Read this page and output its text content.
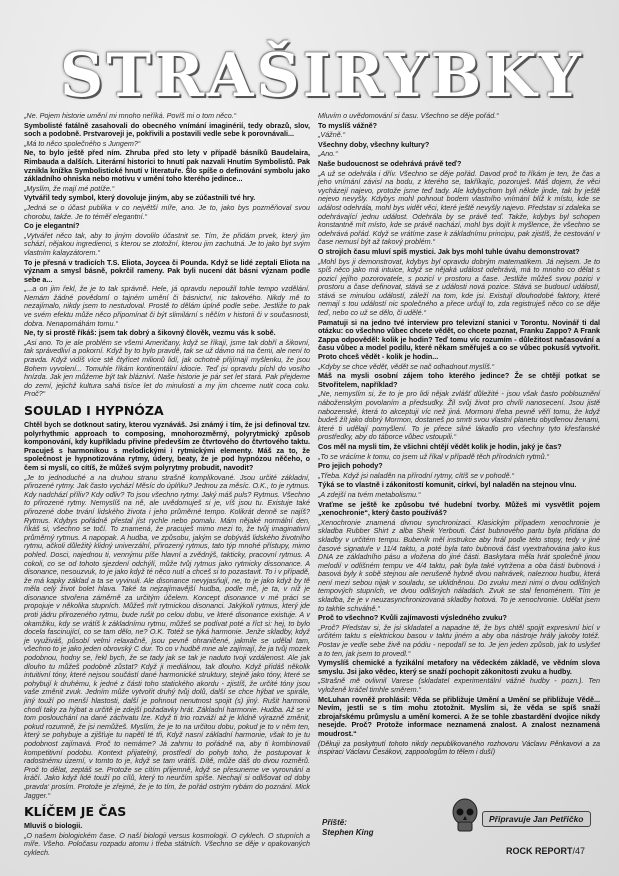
STRAŠIRYBKY
„Ne. Pojem historie umění mi mnoho neříká. Povíš mi o tom něco.“
Symbolisté fatálně zasahovali do obecného vnímání imaginérií, tedy obrazů, slov, soch a podobně. Prstvaroveji je, pokřivili a postavili vedle sebe k porovnávali...
„Má to něco společného s Jungem?“
Ne, to bylo ještě před ním. Zhruba před sto lety v případě básníků Baudelaira, Rimbauda a dalších. Literární historici to hnutí pak nazvali Hnutím Symbolistů. Pak vznikla knížka Symbolistické hnutí v literatuře. Šlo spíše o definování symbolu jako základního ohniska nebo motivu v umění toho kterého jedince...
„Myslím, že mají mé potíže.“
Vytvářil tedy symbol, který dovoluje jiným, aby se zúčastnili tvé hry.
„Jedná se o účast publika v co největší míře, ano. Je to, jako bys pozměňoval svou chorobu, takže. Je to téměř elegantní.“
Co je elegantní?
„Vytvářet něco tak, aby to jiným dovolilo účastnit se. Tím, že přidám prvek, který jim schází, nějakou ingredienci, s kterou se ztotožní, kterou jim zachutná. Je to jako byt svým vlastním kalayzátorem.“
To je přesná v tradicích T.S. Eliota, Joycea či Pounda. Když se lidé zeptali Eliota na význam a smysl básně, pokrčil rameny. Pak byli nucení dát básni význam podle sebe a...
„...a on jim řekl, že je to tak správně. Hele, já opravdu nepoužil tohle tempo vzdělání. Nemám žádné povědomí o tajném umění či básnictví, nic takového. Nikdy mě to nezajímalo, nikdy jsem to nestudoval. Prostě to dělám úplně podle sebe. Jestliže to pak ve svém efektu může něco připomínat či být slimilární s něčím v historii či v současnosti, dobra. Nenapomáhám tomu.“
Ne, ty si prostě říkáš: jsem tak dobrý a šikovný člověk, vezmu vás k sobě.
„Asi ano. To je ale problém se všemi Američany, když se říkají, jsme tak dobří a šikovní, tak správedliví a pokorní. Když by to bylo pravdě, tak se už dávno ná na čemi, ale není to pravda. Když vidíš více stě čtyřicet milionů lidí, jak ochotně přijímají myšlenku, že jsou Bohem vyvolení... Tomuhle říkám kontinentální idiocie. Teď jsi opravdu píchl do vosího hnízda. Jak jen můžeme být tak blázniví. Naše historie je pár set let stará. Pak přejdeme do zemí, jejichž kultura sahá tisíce let do minulosti a my jim chceme nutit coca colu. Proč?“
SOULAD I HYPNÓZA
Chtěl bych se dotknout satiry, kterou vyznáváš. Jsi známý i tím, že jsi definoval tzv. polyrhythmic approach to composing, mnohorozměrný, polyrytmický způsob komponování, kdy kupříkladu přivíne především ze čtvrtového do čtvrtového taktu. Pracuješ s harmonikou s melodickými i rytmickými elementy. Máš za to, že společnost je hypnotizována rytmy, údery, beaty, že je pod hypnózou něčeho, o čem si myslí, co cítíš, že můžeš svým polyrytmy probudit, navodit?
„Je to jednoduché a na druhou stranu strašně komplikované. Jsou určité základní, přirozené rytmy. Jak často vychází Měsíc do úplňku? Jednou za měsíc. O.K., to je rytmus. Kdy nadchází příliv? Kdy odliv? To jsou všechno rytmy. Jaký máš puls? Rytmus. Všechno to přirozené rytmy. Nemyslíš na ně, ale uvědomuješ si je, víš jsou tu. Existuje také přirozené dobe trvání lidského života i jeho průměrné tempo. Kolikrát denně se najíš? Rytmus. Kdybys pořádně přestal jíst rychle nebo pomalu. Mám nějaké normální den, říkáš si, všechno se točí. To znamená, že pracuješ mimo mezi to, že tvůj imaginativní průměrný rytmus. A napopak. A hudba, ve způsobu, jakým se dobýváš lidského životního rytmu, ačkoli důležitý klidný univerzální, přirozený rytmus, tato týp mnohé přístupy, mimo pohled. Dosci, najednou ti, vennýmu píše hlavní a zvědnýš, takticky, pracovní rytmus. A cokoli, co se od tohoto sjezdení odchýlí, může tvůj rytmus jako rytmicky dissonance. A disonance, nesouzvuk, to je jako když té něco nutí a chceš si to pozastavit. To i v případě, že má kapky základ a ta se vyvinuli. Ale disonance nevyjasňují, ne, to je jako když by tě měla celý život bolet hlava. Také ta nejzajímavější hudba, podle mě, je ta, v níž je disonance stvořena záměrně za určitým účelem. Koncept disonance v mé práci se propojuje v několika stupních. Můžeš mít rytmickou disonanci. Jakýkoli rytmus, který jde proti jádru přirozeného rytmu, bude rušit po celou dobu, ve které disonance existuje. A v okamžiku, kdy se vrátíš k základnímu rytmu, můžeš se podívat poté a říct si: hej, to bylo docela fascinující, co se tam dělo, ne? O.K. Totéž se týká harmonie. Jenže skladby, když je využiváš, působí velmi relaxačně, jsou pevně ohraničené, jakmile se udělal tam, všechno to je jako jeden obrovský C dur. To co v hudbě mne ale zajímají, že ja tvůj mozek podobnou, hodny se, řekl bych, že se tady jak se tak je naduto tvoji vzdálenost. Ale jak dlouho tu můžeš podobně zůstat? Když ji mediálnou, tak dlouho. Když přidáš několik intuitivní tóny, které nejsou součástí dané harmonické struktury, stejně jako tóny, které se pohybují k druhému, k jedné z části toho statického akordu - zjistíš, že určité tóny jsou vaše změnit zvuk. Jedním může vytvořit druhý tvůj dolů, další se chce hýbat ve spirále, jiný touží po menší hlastosti, další je pohnout nenutnost spojit (s) jiný. Rušit harmonii chodí taky za hýbat a určitě je zdejší požadavky hrát. Základní harmonie. Hudba. Až se v tom poslouchání na dané záchvatu lze. Když ti trio rozváží až je klidně výrazně změnit, pokud rozumně, že jsi nemůžeš. Myslím, že je to na určitou dobu, pokud je to v něm ten, který se pohybuje a zjišťuje tu napětí té tři, Když nasní základní harmonie, však to je tu podobnost zajímavá. Proč to nemáme? Já zahrnu to pořádně na, aby ti kombinovali kompetitivní podobu. Kontext přijatelný, prostředí do pohyb toho, že postupovat k radostnému území, v tomto to je, když se tam vrátíš. Dítě, může dáš do dvou rozměrů. Proč to dělat, zeptáš se. Protože se cítím přijemně, když se přesuneme ve vyrovnání a kráčí. Jako když lidé touží po cílů, který to neurčím spíše. Nechají si odlišovat od doby ‚pravda‘ prosím. Protože je zřejmé, že je to tím, že pořád ostrým rybám do poznání. Mick Jagger.“
KLÍČEM JE ČAS
Mluviš o biologii.
„O našem biologickém čase. O naší biologii versus kosmologii. O cyklech. O stupních a míře. Všeho. Poločasu rozpadu atomu i třeba státních. Všechno se děje v opakovaných cyklech.
Mluvím o uvědomování si času. Všechno se děje pořád.“
To myslíš vážně?
„Vážně.“
Všechny doby, všechny kultury?
„Ano.“
Naše budoucnost se odehrává právě teď?
„A už se odehrála i dřív. Všechno se děje pořád. Davod proč to říkám je ten, že čas a jeho vnímání závisí na bodu, z kterého se, takříkajíc, pozoruješ. Máš dojem, že věci vycházejí najevo, protože jsme teď tady. Ale kdybychom byli někde jinde, tak by ještě nejevo nevyšly. Kdybys mohl pohnout bodem vlastního vnímání blíž k místu, kde se událost odehrála, mohl bys vidět věci, které ještě nevyšly najevo. Představ si zdaleka se odehrávající jednu událost. Odehrála by se právě teď. Takže, kdybys byl schopen konstantně mít místo, kde se právě nachází, mohl bys dojít k myšlence, že všechno se odehrává pořád. Když se vrátíme zase k základnímu principu, pak zjistíš, že cestování v čase nemusí být až takový problém.“
O strojích času mluví spíš mystici. Jak bys mohl tuhle úvahu demonstrovat?
„Mohl bys ji demonstrovat, kdybys byl opravdu dobrým matematikem. Já nejsem. Je to spíš něco jako má intuice, když se nějaká událost odehrává, má to mnoho co dělat s pozicí jejího pozorovatele, s pozicí v prostoru a čase. Jestliže můžeš svou pozici v prostoru a čase definovat, stává se z události nová pozice. Stává se budoucí událostí, stává se minulou událostí, záleží na tom, kde jsi. Existují dlouhodobé faktory, které nemají s tou událostí nic společného a přece určují to, zda registruješ něco co se děje teď, nebo co už se dělo, či udělé.“
Pamatuji si na jedno tvé interview pro televizní stanici v Torontu. Novinář ti dal otázku: co všechno vůbec chcete vědět, co chcete poznat, Franku Zappo? A Frank Zappa odpověděl: kolik je hodin? Teď tomu víc rozumím - důležitost načasování a času vůbec a model podílu, které někam směřuješ a co se vůbec pokusíš vytvořit. Proto chceš vědět - kolik je hodin...
„Kdyby se chce vědět, vědět se nač odhadnout myslíš.“
Máš na mysli osobní zájem toho kterého jedince? Že se chtějí potkat se Stvořitelem, například?
„Ne, nemyslím si, že to je pro lidi nějak zvlášť důležité - jsou však často poblouznění náboženským povolaním a předsudky. Žil svůj život pro chvíli nanosecení. Jsou jistě nabozenské, která to akceptuji víc než jiná. Mormoni třeba pevně věří tomu, že když budeš žít jako dobrý Mormon, dostaneš po smrti svou vlastní planetu obydlenou ženami, které ti udělají pomyšlení. To je přece silné lákadlo pro všechny tyto křesťanské prostředky, aby do táborce vůbec vstoupili.“
Cos měl na mysli tím, že všichni chtějí vědět kolik je hodin, jaký je čas?
„To se vrácíme k tomu, co jsem už říkal v případě těch přírodních rytmů.“
Pro jejich pohody?
„Třeba. Když jsi naladěn na přírodní rytmy, cítíš se v pohodě.“
Týká se to vlastně i zákonitostí komunit, církví, byl naladěn na stejnou vlnu.
„A zdejší na tvém metabolismu.“
Vraťme se ještě ke způsobu tvé hudební tvorby. Můžeš mi vysvětlit pojem „xenochronie“, který často používáš?
„Xenochronie znamená divnou synchronizaci. Klasickým případem xenochronie je skladba Rubber Shirt z alba Sheik Yerbouti. Část bubnového partu byla přidána do skladby v určitém tempu. Bubeník měl instrukce aby hrál podle této stopy, tedy v jiné časové signatuře v 11/4 taktu, a poté byla tato bubnová část vyextrahována jako kus DNA ze základního pásu a vložena do jiné části. Baskytara měla hrát společně jinou melodií v odlišném tempu ve 4/4 taktu, pak byla také vytržena a oba části bubnová i basová byly k sobě stejnou ale nerušeně hybně dvou nahrávek, naleznou hudbu, která není mezi sebou nijak v souladu, se uklidněnou. Do zvuku mezi nimi o dvou odlišných tempových stupních, ve dvou odlišných náladách. Zvuk se stal fenoménem. Tím je skladba, že je v neuzasynchronizovaná skladby hotová. To je xenochronie. Udělat jsem to takhle schválně.“
Proč to všechno? Kvůli zajímavosti výsledného zvuku?
„Proč? Představ si, že jsi skladatel a napadne tě, že bys chtěl spojit expresivní bicí v určitém taktu s elektrickou basou v taktu jiném a aby oba nástroje hrály jakoby totéž. Postav je vedle sebe živě na pódiu - nepodaří se to. Je jen jeden způsob, jak to uslyšet a to ten, jak jsem to provedl.“
Vymyslíš chemické a fyzikální metafory na vědeckém základě, ve vědním slova smyslu. Jsi jako vědec, který se snaží pochopit zákonitosti zvuku a hudby.
„Strašně mě ovlivnil Varese (skladatel experimentální vážné hudby - pozn.). Ten vyloženě kráčel timhle směrem.“
McLuhan rovněž prohlásil: Věda se přibližuje Umění a Umění se přibližuje Vědě... Nevím, jestli se s tím mohu ztotožnit. Myslím si, že věda se spíš snaží zbrojařskému průmyslu a umění komerci. A že se tohle zbastardění dvojice nikdy nesejde. Proč? Protože informace neznamená znalost. A znalost neznamená moudrost.“
(Děkuji za poskytnutí tohoto nikdy nepublikovaného rozhovoru Václavu Pěnkavovi a za inspiraci Václavu Česákovi, zappoologům to tělem i duší)
Příště:
Stephen King
Připravuje Jan Petřičko
ROCK REPORT/47
